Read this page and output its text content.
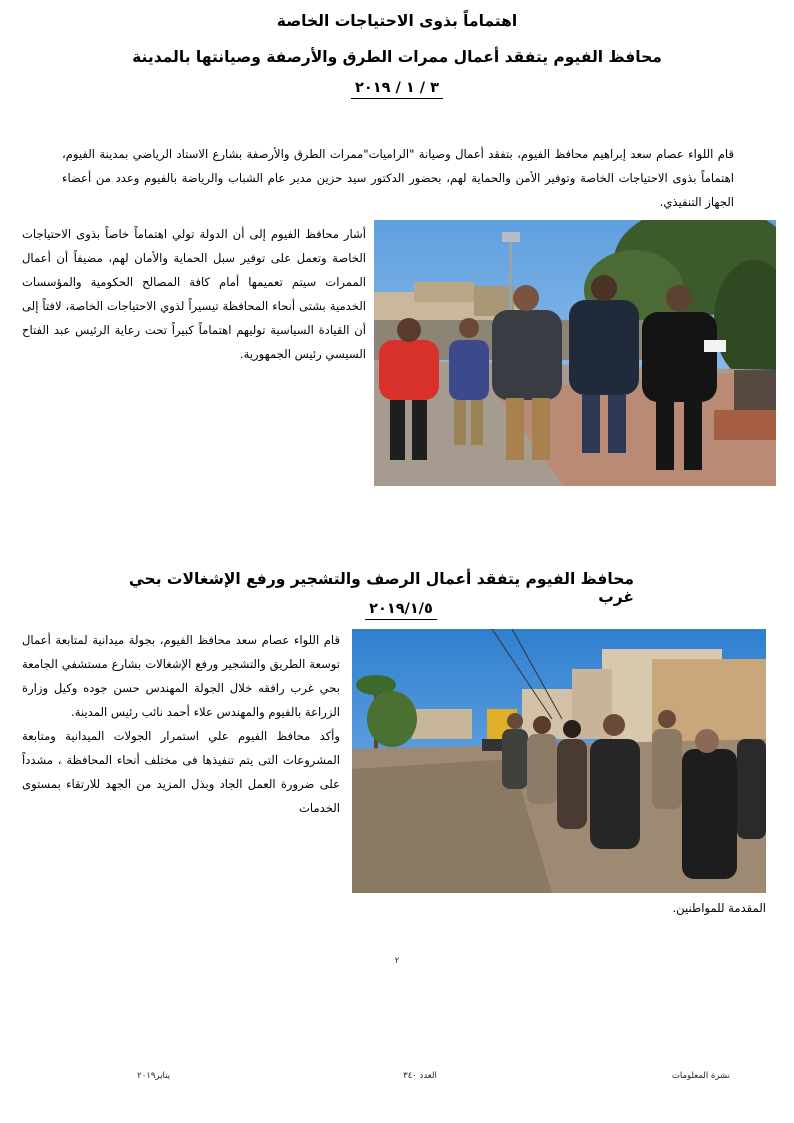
اهتماماً بذوى الاحتياجات الخاصة
محافظ الفيوم يتفقد أعمال ممرات الطرق والأرصفة وصيانتها بالمدينة
٣ / ١ / ٢٠١٩

قام اللواء عصام سعد إبراهيم محافظ الفيوم، بتفقد أعمال وصيانة "الراميات"ممرات الطرق والأرصفة بشارع الاستاد الرياضي بمدينة الفيوم، اهتماماً بذوى الاحتياجات الخاصة وتوفير الأمن والحماية لهم، بحضور الدكتور سيد حزين مدير عام الشباب والرياضة بالفيوم وعدد من أعضاء الجهاز التنفيذي.

أشار محافظ الفيوم إلى أن الدولة تولي اهتماماً خاصاً بذوى الاحتياجات الخاصة وتعمل على توفير سبل الحماية والأمان لهم، مضيفاً أن أعمال الممرات سيتم تعميمها أمام كافة المصالح الحكومية والمؤسسات الخدمية بشتى أنحاء المحافظة تيسيراً لذوي الاحتياجات الخاصة، لافتاً إلى أن القيادة السياسية توليهم اهتماماً كبيراً تحت رعاية الرئيس عبد الفتاح السيسي رئيس الجمهورية.

محافظ الفيوم يتفقد أعمال الرصف والتشجير ورفع الإشغالات بحي غرب
٢٠١٩/١/٥

قام اللواء عصام سعد محافظ الفيوم، بجولة ميدانية لمتابعة أعمال توسعة الطريق والتشجير ورفع الإشغالات بشارع مستشفي الجامعة بحي غرب رافقه خلال الجولة المهندس حسن جوده وكيل وزارة الزراعة بالفيوم والمهندس علاء أحمد نائب رئيس المدينة.

وأكد محافظ الفيوم علي استمرار الجولات الميدانية ومتابعة المشروعات التى يتم تنفيذها فى مختلف أنحاء المحافظة ، مشدداً على ضرورة العمل الجاد وبذل المزيد من الجهد للارتقاء بمستوى الخدمات

المقدمة للمواطنين.

٢
نشرة المعلومات
العدد ٣٤٠
يناير٢٠١٩
